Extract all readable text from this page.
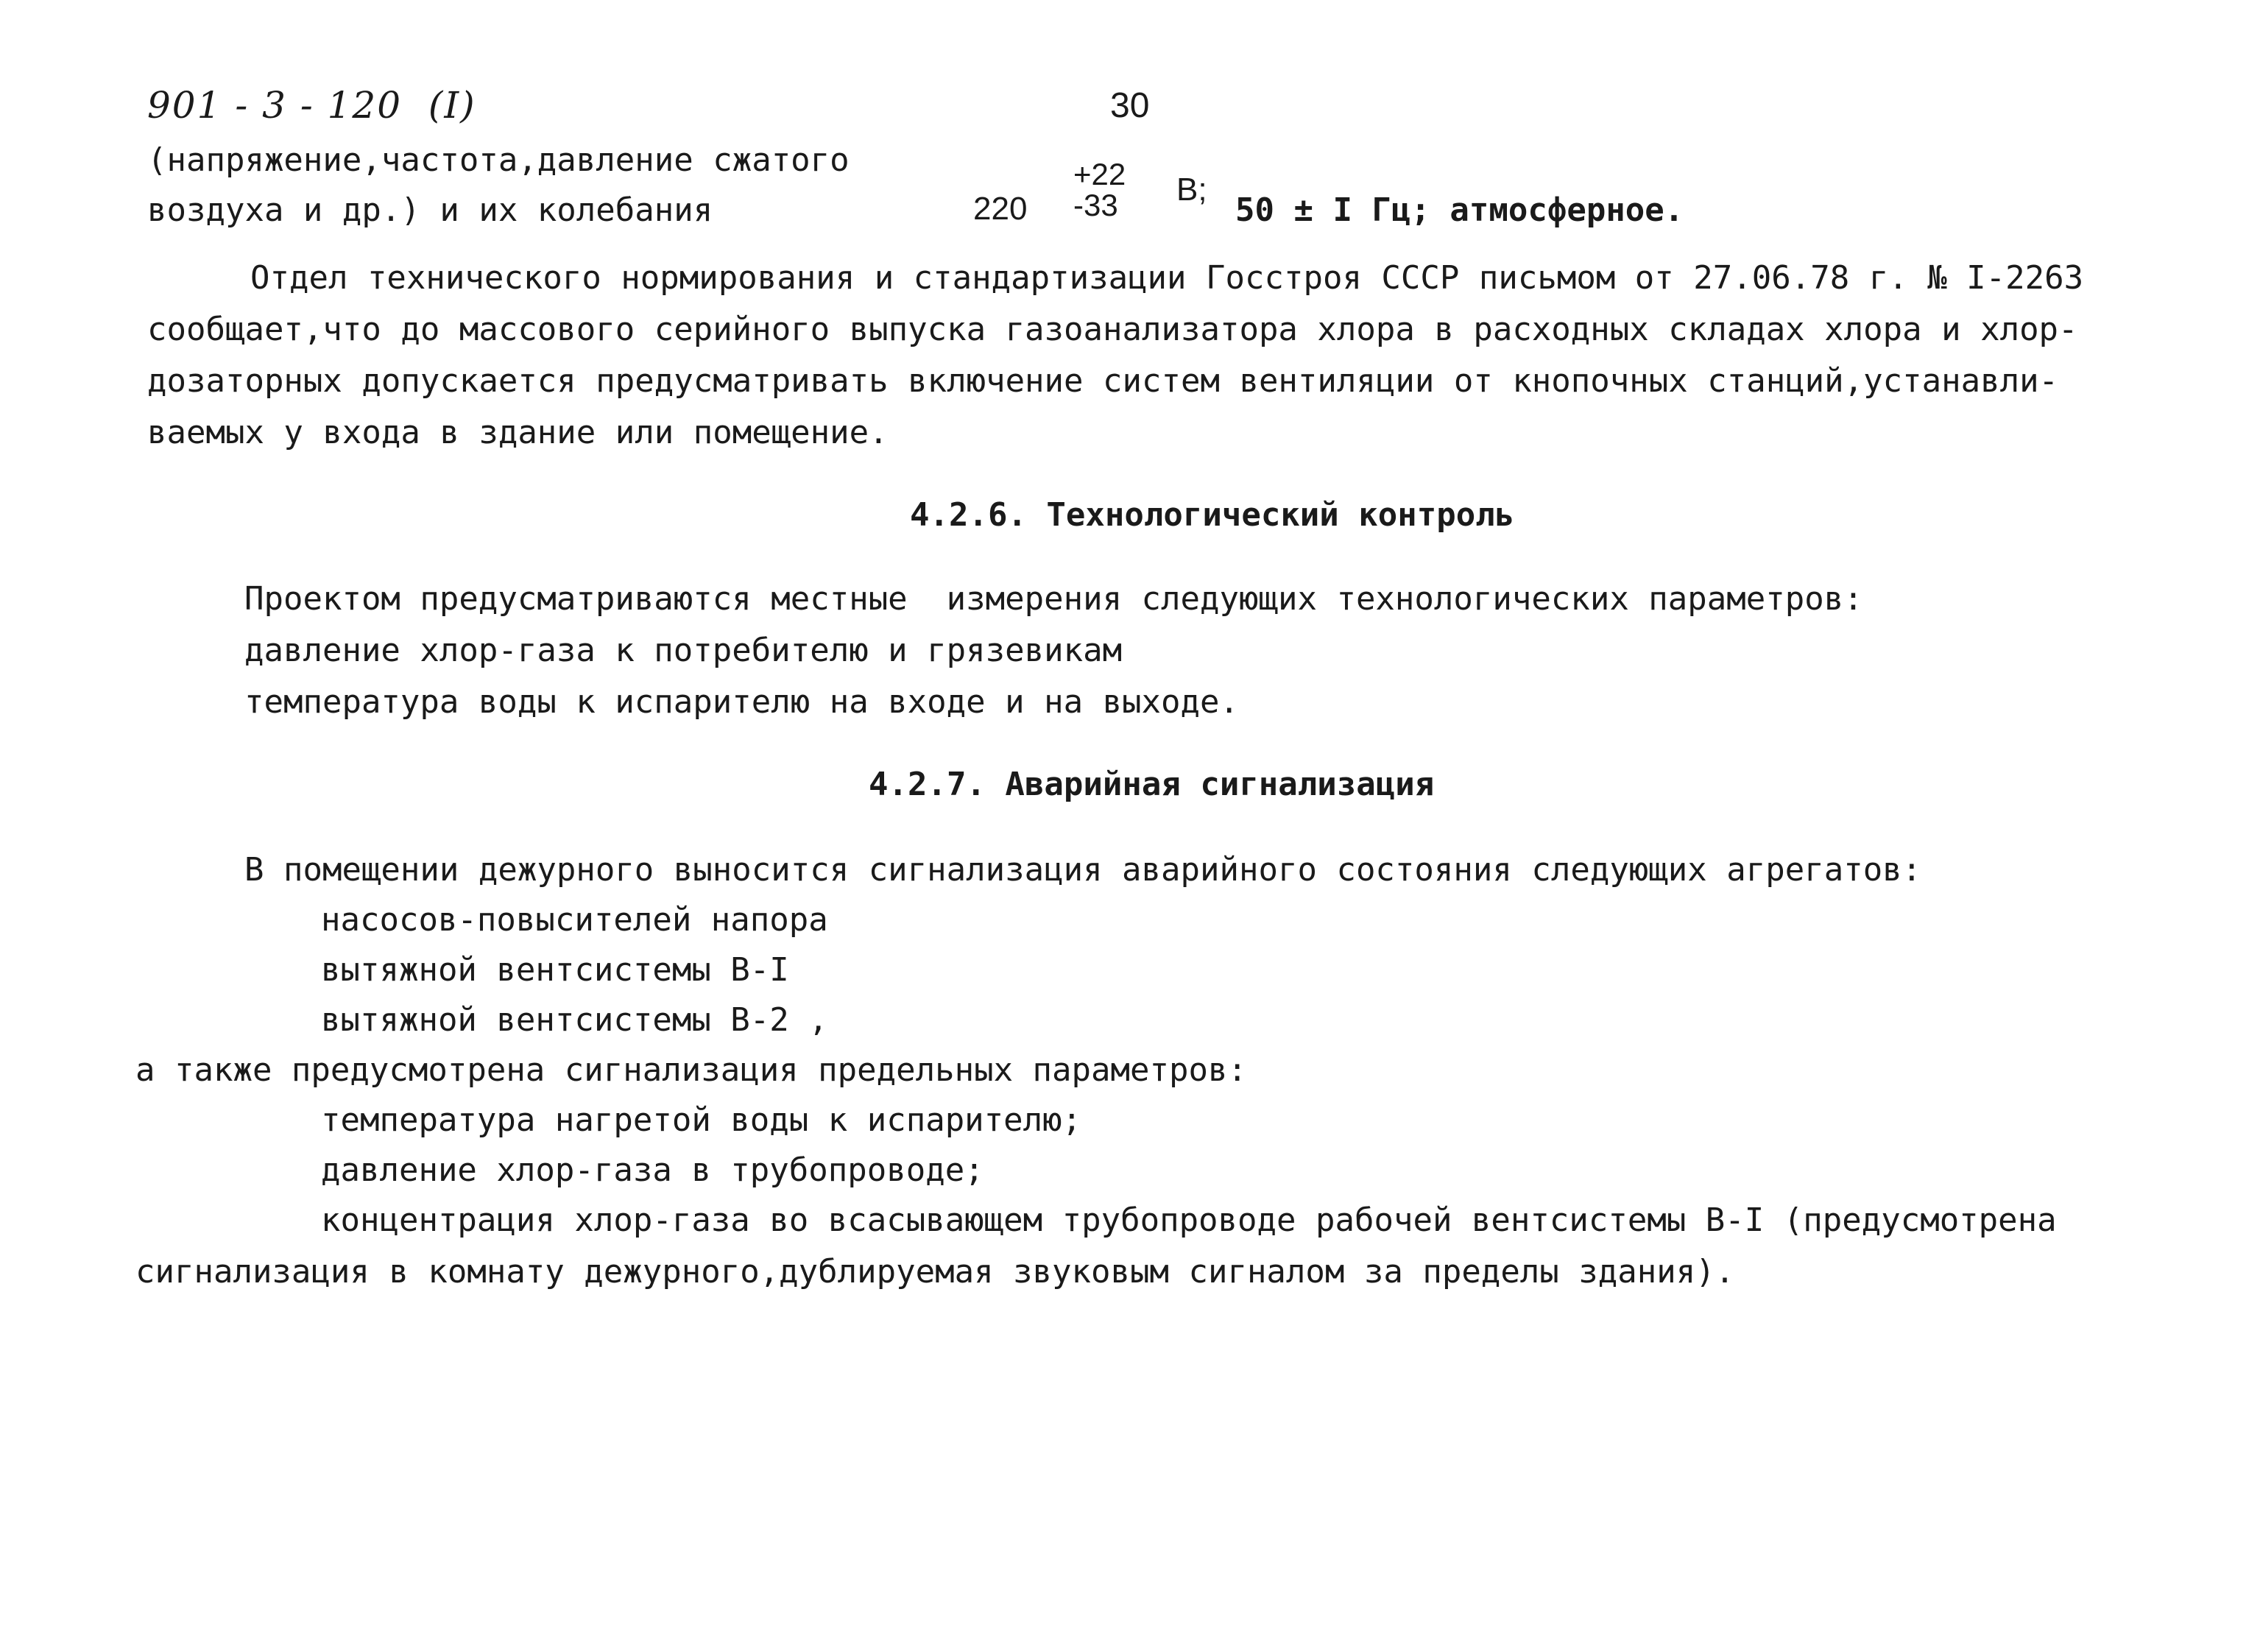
901 - 3 - 120  (I)	30
(напряжение,частота,давление сжатого
воздуха и др.) и их колебания	220
+22
-33 В;
50 ± I Гц; атмосферное.
Отдел технического нормирования и стандартизации Госстроя СССР письмом от 27.06.78 г. № I-2263
сообщает,что до массового серийного выпуска газоанализатора хлора в расходных складах хлора и хлор-
дозаторных допускается предусматривать включение систем вентиляции от кнопочных станций,устанавли-
ваемых у входа в здание или помещение.
4.2.6. Технологический контроль
Проектом предусматриваются местные  измерения следующих технологических параметров:
давление хлор-газа к потребителю и грязевикам
температура воды к испарителю на входе и на выходе.
4.2.7. Аварийная сигнализация
В помещении дежурного выносится сигнализация аварийного состояния следующих агрегатов:
насосов-повысителей напора
вытяжной вентсистемы В-I
вытяжной вентсистемы В-2 ,
а также предусмотрена сигнализация предельных параметров:
температура нагретой воды к испарителю;
давление хлор-газа в трубопроводе;
концентрация хлор-газа во всасывающем трубопроводе рабочей вентсистемы В-I (предусмотрена
сигнализация в комнату дежурного,дублируемая звуковым сигналом за пределы здания).
